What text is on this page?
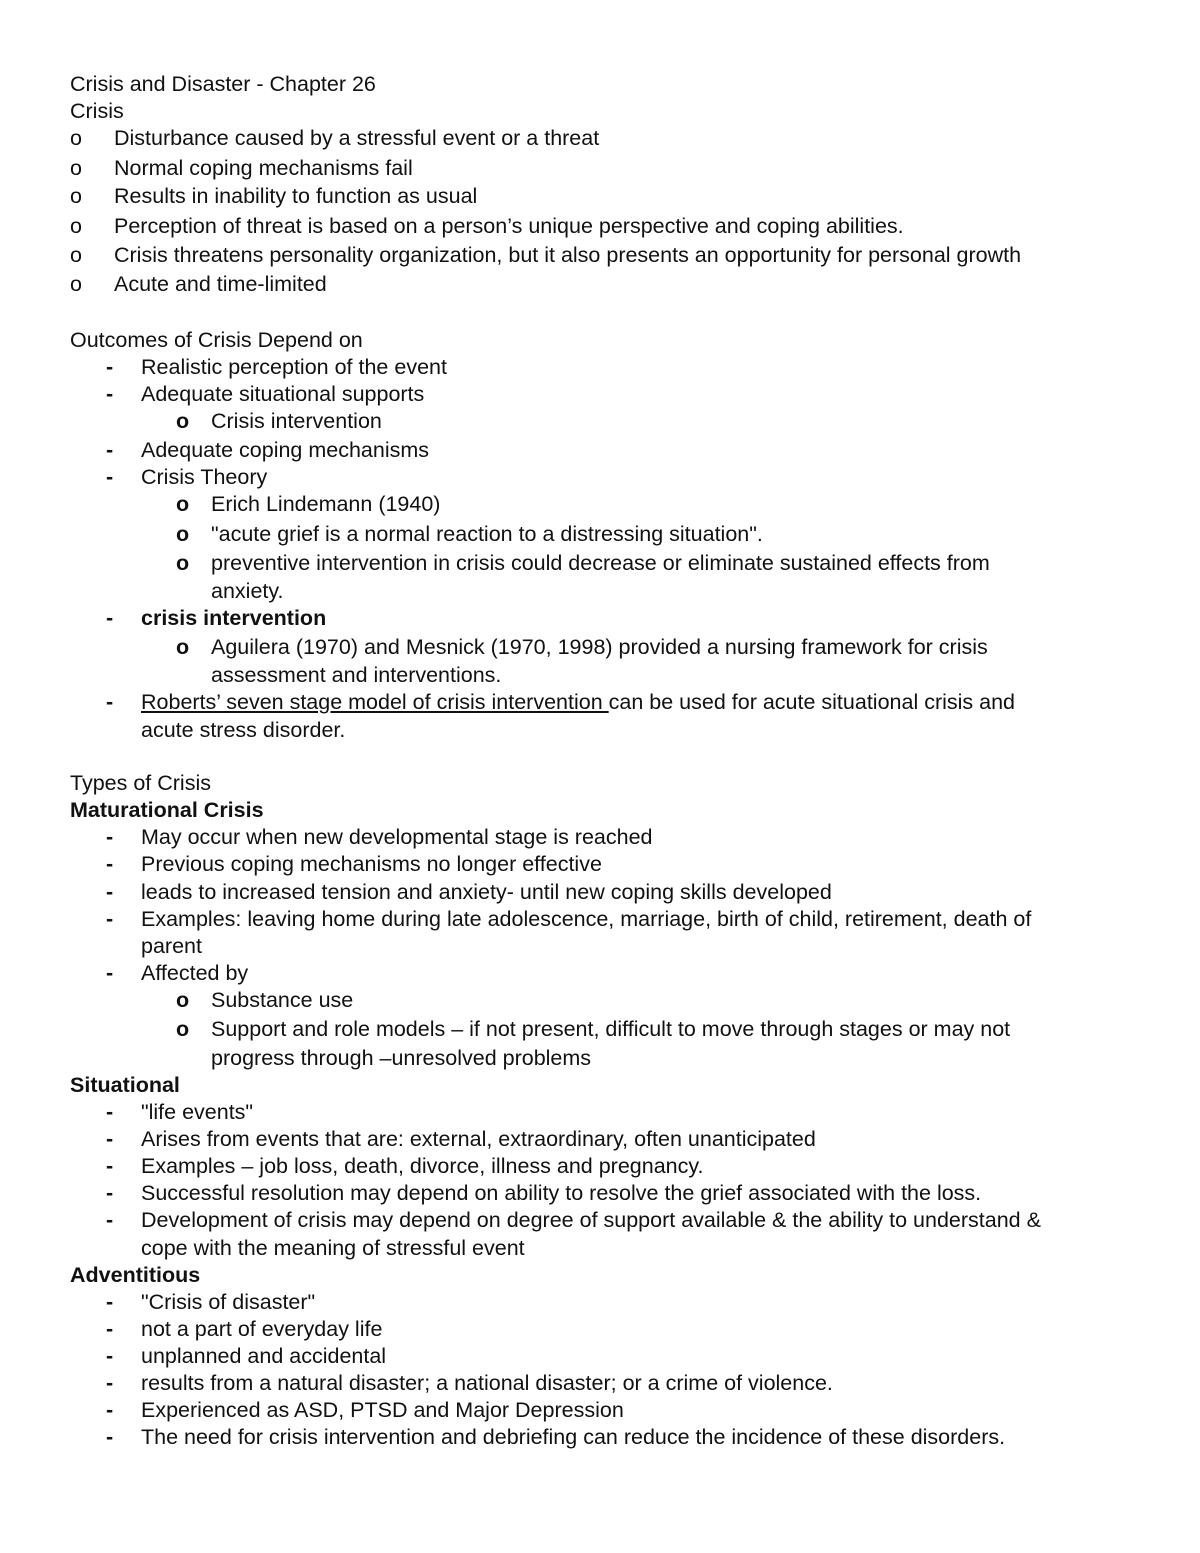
Crisis and Disaster - Chapter 26
Crisis
o Disturbance caused by a stressful event or a threat
o Normal coping mechanisms fail
o Results in inability to function as usual
o Perception of threat is based on a person’s unique perspective and coping abilities.
o Crisis threatens personality organization, but it also presents an opportunity for personal growth
o Acute and time-limited
Outcomes of Crisis Depend on
- Realistic perception of the event
- Adequate situational supports
o Crisis intervention
- Adequate coping mechanisms
- Crisis Theory
o Erich Lindemann (1940)
o "acute grief is a normal reaction to a distressing situation".
o preventive intervention in crisis could decrease or eliminate sustained effects from
anxiety.
- crisis intervention
o Aguilera (1970) and Mesnick (1970, 1998) provided a nursing framework for crisis
assessment and interventions.
- Roberts’ seven stage model of crisis intervention can be used for acute situational crisis and
acute stress disorder.
Types of Crisis
Maturational Crisis
- May occur when new developmental stage is reached
- Previous coping mechanisms no longer effective
- leads to increased tension and anxiety- until new coping skills developed
- Examples: leaving home during late adolescence, marriage, birth of child, retirement, death of
parent
- Affected by
o Substance use
o Support and role models – if not present, difficult to move through stages or may not
progress through –unresolved problems
Situational
- "life events"
- Arises from events that are: external, extraordinary, often unanticipated
- Examples – job loss, death, divorce, illness and pregnancy.
- Successful resolution may depend on ability to resolve the grief associated with the loss.
- Development of crisis may depend on degree of support available & the ability to understand &
cope with the meaning of stressful event
Adventitious
- "Crisis of disaster"
- not a part of everyday life
- unplanned and accidental
- results from a natural disaster; a national disaster; or a crime of violence.
- Experienced as ASD, PTSD and Major Depression
- The need for crisis intervention and debriefing can reduce the incidence of these disorders.
